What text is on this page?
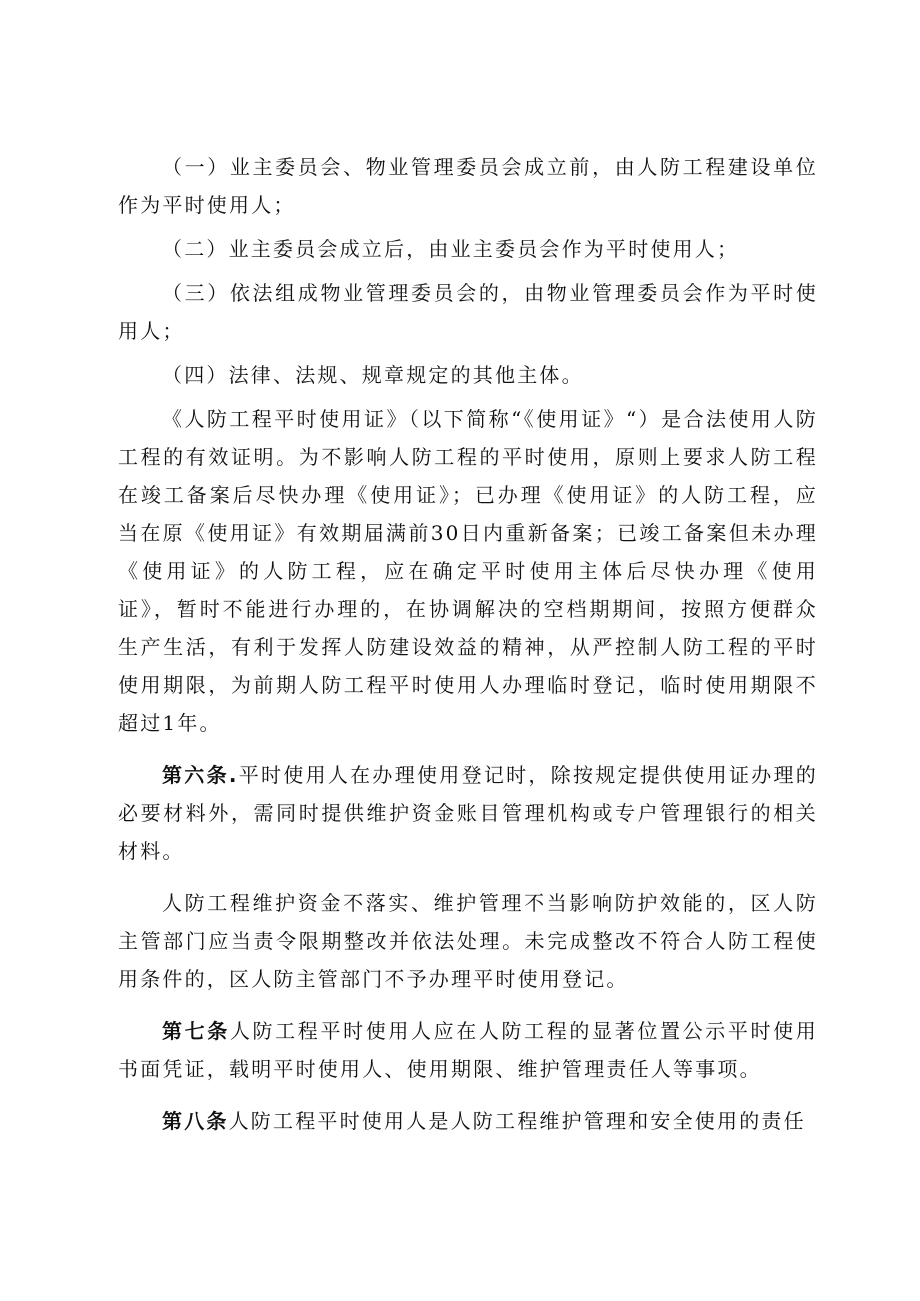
（一）业主委员会、物业管理委员会成立前，由人防工程建设单位作为平时使用人；

（二）业主委员会成立后，由业主委员会作为平时使用人；

（三）依法组成物业管理委员会的，由物业管理委员会作为平时使用人；

（四）法律、法规、规章规定的其他主体。

《人防工程平时使用证》（以下简称“《使用证》“）是合法使用人防工程的有效证明。为不影响人防工程的平时使用，原则上要求人防工程在竣工备案后尽快办理《使用证》；已办理《使用证》的人防工程，应当在原《使用证》有效期届满前30日内重新备案；已竣工备案但未办理《使用证》的人防工程，应在确定平时使用主体后尽快办理《使用证》，暂时不能进行办理的，在协调解决的空档期期间，按照方便群众生产生活，有利于发挥人防建设效益的精神，从严控制人防工程的平时使用期限，为前期人防工程平时使用人办理临时登记，临时使用期限不超过1年。

第六条.平时使用人在办理使用登记时，除按规定提供使用证办理的必要材料外，需同时提供维护资金账目管理机构或专户管理银行的相关材料。

人防工程维护资金不落实、维护管理不当影响防护效能的，区人防主管部门应当责令限期整改并依法处理。未完成整改不符合人防工程使用条件的，区人防主管部门不予办理平时使用登记。

第七条人防工程平时使用人应在人防工程的显著位置公示平时使用书面凭证，载明平时使用人、使用期限、维护管理责任人等事项。

第八条人防工程平时使用人是人防工程维护管理和安全使用的责任
